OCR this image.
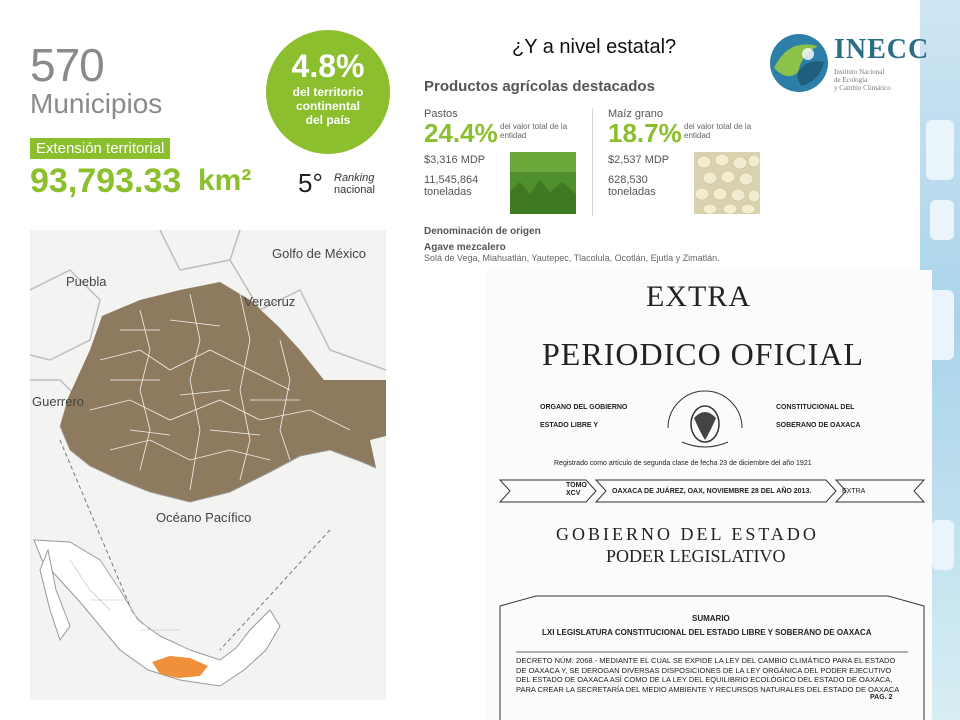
¿Y a nivel estatal?	INECC
Instituto Nacional
de Ecología
y Cambio Climático
570
Municipios
Extensión territorial
93,793.33 km²
4.8%
del territorio
continental
del país
5° Ranking
nacional
Productos agrícolas destacados
Pastos
24.4% del valor total de la entidad
$3,316 MDP
11,545,864
toneladas
Maíz grano
18.7% del valor total de la entidad
$2,537 MDP
628,530
toneladas
Denominación de origen
Agave mezcalero
Solá de Vega, Miahuatlán, Yautepec, Tlacolula, Ocotlán, Ejutla y Zimatlán.
Golfo de México
Puebla
Veracruz
Guerrero
Océano Pacífico
EXTRA
PERIODICO OFICIAL
ORGANO DEL GOBIERNO	CONSTITUCIONAL DEL
ESTADO LIBRE Y	SOBERANO DE OAXACA
Registrado como artículo de segunda clase de fecha 23 de diciembre del año 1921
TOMO XCV	OAXACA DE JUÁREZ, OAX, NOVIEMBRE 28 DEL AÑO 2013.	EXTRA
GOBIERNO DEL ESTADO
PODER LEGISLATIVO
SUMARIO
LXI LEGISLATURA CONSTITUCIONAL DEL ESTADO LIBRE Y SOBERANO DE OAXACA
DECRETO NÚM. 2068.- MEDIANTE EL CUAL SE EXPIDE LA LEY DEL CAMBIO CLIMÁTICO PARA EL ESTADO DE OAXACA Y, SE DEROGAN DIVERSAS DISPOSICIONES DE LA LEY ORGÁNICA DEL PODER EJECUTIVO DEL ESTADO DE OAXACA ASÍ COMO DE LA LEY DEL EQUILIBRIO ECOLÓGICO DEL ESTADO DE OAXACA, PARA CREAR LA SECRETARÍA DEL MEDIO AMBIENTE Y RECURSOS NATURALES DEL ESTADO DE OAXACA
PAG. 2
